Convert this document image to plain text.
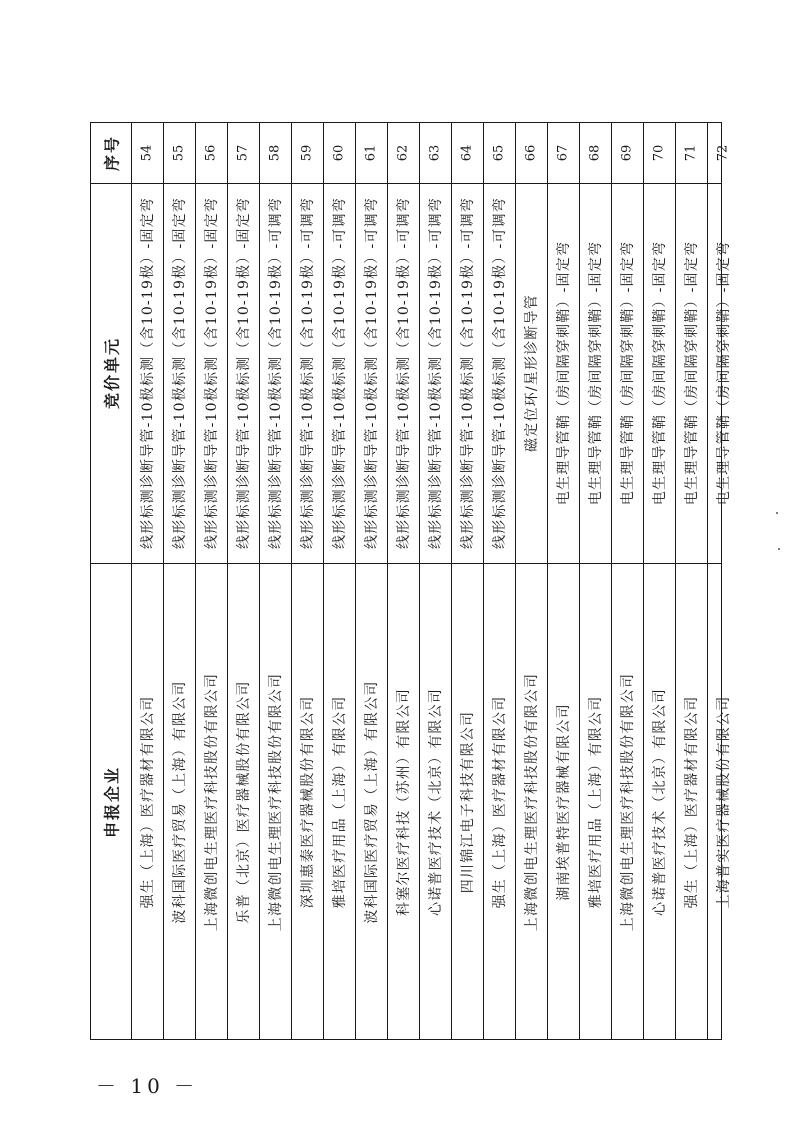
序号
竞价单元
申报企业
54
线形标测诊断导管-10极标测（含10-19极）-固定弯
强生（上海）医疗器材有限公司
55
线形标测诊断导管-10极标测（含10-19极）-固定弯
波科国际医疗贸易（上海）有限公司
56
线形标测诊断导管-10极标测（含10-19极）-固定弯
上海微创电生理医疗科技股份有限公司
57
线形标测诊断导管-10极标测（含10-19极）-固定弯
乐普（北京）医疗器械股份有限公司
58
线形标测诊断导管-10极标测（含10-19极）-可调弯
上海微创电生理医疗科技股份有限公司
59
线形标测诊断导管-10极标测（含10-19极）-可调弯
深圳惠泰医疗器械股份有限公司
60
线形标测诊断导管-10极标测（含10-19极）-可调弯
雅培医疗用品（上海）有限公司
61
线形标测诊断导管-10极标测（含10-19极）-可调弯
波科国际医疗贸易（上海）有限公司
62
线形标测诊断导管-10极标测（含10-19极）-可调弯
科塞尔医疗科技（苏州）有限公司
63
线形标测诊断导管-10极标测（含10-19极）-可调弯
心诺普医疗技术（北京）有限公司
64
线形标测诊断导管-10极标测（含10-19极）-可调弯
四川锦江电子科技有限公司
65
线形标测诊断导管-10极标测（含10-19极）-可调弯
强生（上海）医疗器材有限公司
66
磁定位环/星形诊断导管
上海微创电生理医疗科技股份有限公司
67
电生理导管鞘（房间隔穿刺鞘）-固定弯
湖南埃普特医疗器械有限公司
68
电生理导管鞘（房间隔穿刺鞘）-固定弯
雅培医疗用品（上海）有限公司
69
电生理导管鞘（房间隔穿刺鞘）-固定弯
上海微创电生理医疗科技股份有限公司
70
电生理导管鞘（房间隔穿刺鞘）-固定弯
心诺普医疗技术（北京）有限公司
71
电生理导管鞘（房间隔穿刺鞘）-固定弯
强生（上海）医疗器材有限公司
72
电生理导管鞘（房间隔穿刺鞘）-固定弯
上海普实医疗器械股份有限公司
－ 10 －
